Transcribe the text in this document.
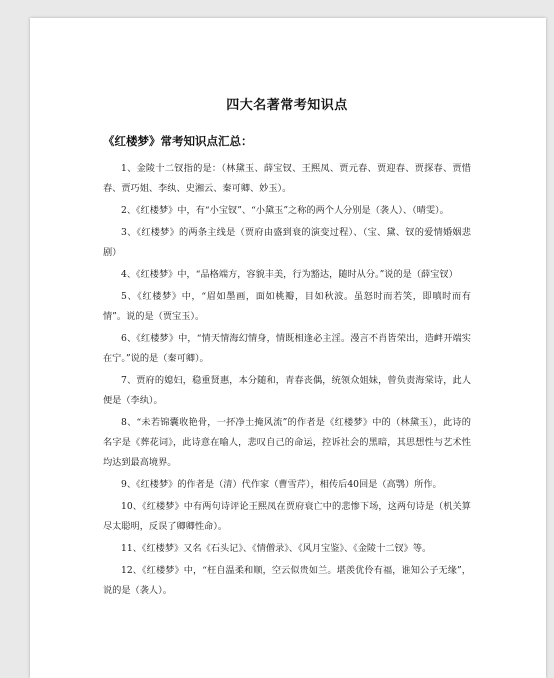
四大名著常考知识点
《红楼梦》常考知识点汇总：
1、金陵十二钗指的是：（林黛玉、薛宝钗、王熙凤、贾元春、贾迎春、贾探春、贾惜春、贾巧姐、李纨、史湘云、秦可卿、妙玉）。
2、《红楼梦》中，有“小宝钗”、“小黛玉”之称的两个人分别是（袭人）、（晴雯）。
3、《红楼梦》的两条主线是（贾府由盛到衰的演变过程）、（宝、黛、钗的爱情婚姻悲剧）
4、《红楼梦》中，“品格端方，容貌丰美，行为豁达，随时从分。”说的是（薛宝钗）
5、《红楼梦》中，“眉如墨画，面如桃瓣，目如秋波。虽怒时而若笑，即嗔时而有情”。说的是（贾宝玉）。
6、《红楼梦》中，“情天情海幻情身，情既相逢必主淫。漫言不肖皆荣出，造衅开端实在宁。”说的是（秦可卿）。
7、贾府的媳妇，稳重贤惠，本分随和，青春丧偶，统领众姐妹，曾负责海棠诗，此人便是（李纨）。
8、“未若锦囊收艳骨，一抔净土掩风流”的作者是《红楼梦》中的（林黛玉），此诗的名字是《葬花词》，此诗意在喻人，悲叹自己的命运，控诉社会的黑暗，其思想性与艺术性均达到最高境界。
9、《红楼梦》的作者是（清）代作家（曹雪芹），相传后40回是（高鹗）所作。
10、《红楼梦》中有两句诗评论王熙凤在贾府衰亡中的悲惨下场，这两句诗是（机关算尽太聪明，反误了卿卿性命）。
11、《红楼梦》又名《石头记》、《情僧录》、《风月宝鉴》、《金陵十二钗》等。
12、《红楼梦》中，“枉自温柔和顺，空云似贵如兰。堪羡优伶有福，谁知公子无缘”，说的是（袭人）。
